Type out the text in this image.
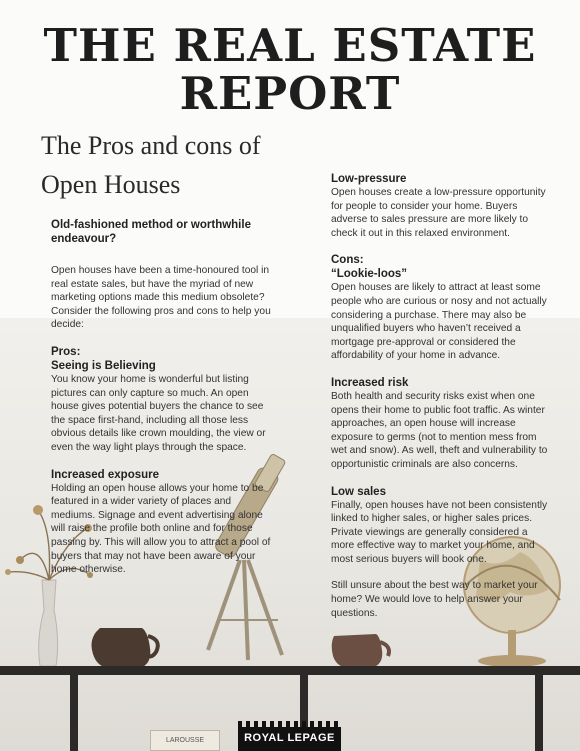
LAROUSSE	ROYAL LEPAGE
THE REAL ESTATE
REPORT
The Pros and cons of
Open Houses

Old-fashioned method or worthwhile endeavour?

Open houses have been a time-honoured tool in real estate sales, but have the myriad of new marketing options made this medium obsolete? Consider the following pros and cons to help you decide:

Pros:

Seeing is Believing

You know your home is wonderful but listing pictures can only capture so much. An open house gives potential buyers the chance to see the space first-hand, including all those less obvious details like crown moulding, the view or even the way light plays through the space.

Increased exposure

Holding an open house allows your home to be featured in a wider variety of places and mediums. Signage and event advertising alone will raise the profile both online and for those passing by. This will allow you to attract a pool of buyers that may not have been aware of your home otherwise.

Low-pressure

Open houses create a low-pressure opportunity for people to consider your home. Buyers adverse to sales pressure are more likely to check it out in this relaxed environment.

Cons:

“Lookie-loos”

Open houses are likely to attract at least some people who are curious or nosy and not actually considering a purchase. There may also be unqualified buyers who haven’t received a mortgage pre-approval or considered the affordability of your home in advance.

Increased risk

Both health and security risks exist when one opens their home to public foot traffic. As winter approaches, an open house will increase exposure to germs (not to mention mess from wet and snow). As well, theft and vulnerability to opportunistic criminals are also concerns.

Low sales

Finally, open houses have not been consistently linked to higher sales, or higher sales prices. Private viewings are generally considered a more effective way to market your home, and most serious buyers will book one.

Still unsure about the best way to market your home? We would love to help answer your questions.
